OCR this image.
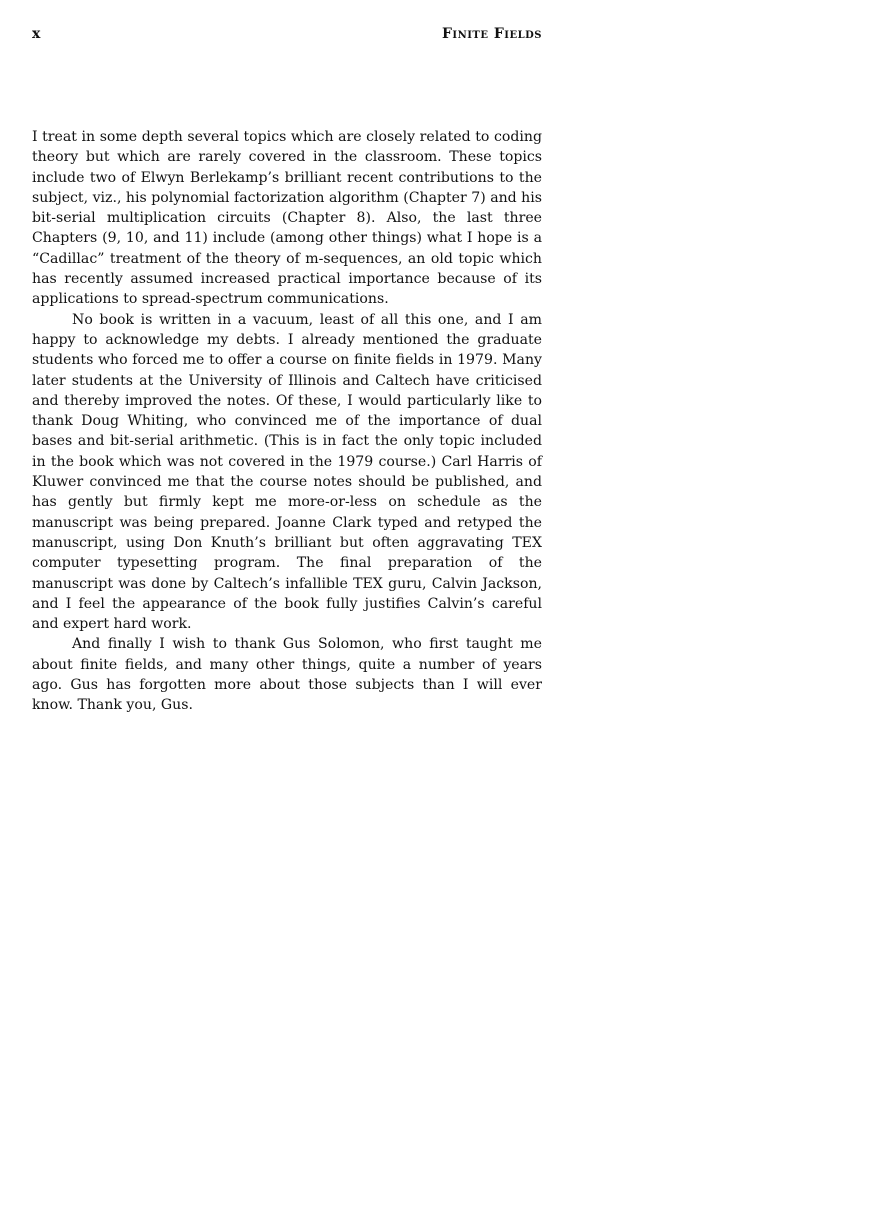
x	Finite Fields

I treat in some depth several topics which are closely related to coding theory but which are rarely covered in the classroom. These topics include two of Elwyn Berlekamp’s brilliant recent contributions to the subject, viz., his polynomial factorization algorithm (Chapter 7) and his bit-serial multiplication circuits (Chapter 8). Also, the last three Chapters (9, 10, and 11) include (among other things) what I hope is a “Cadillac” treatment of the theory of m-sequences, an old topic which has recently assumed increased practical importance because of its applications to spread-spectrum communications.

No book is written in a vacuum, least of all this one, and I am happy to acknowledge my debts. I already mentioned the graduate students who forced me to offer a course on finite fields in 1979. Many later students at the University of Illinois and Caltech have criticised and thereby improved the notes. Of these, I would particularly like to thank Doug Whiting, who convinced me of the importance of dual bases and bit-serial arithmetic. (This is in fact the only topic included in the book which was not covered in the 1979 course.) Carl Harris of Kluwer convinced me that the course notes should be published, and has gently but firmly kept me more-or-less on schedule as the manuscript was being prepared. Joanne Clark typed and retyped the manuscript, using Don Knuth’s brilliant but often aggravating TEX computer typesetting program. The final preparation of the manuscript was done by Caltech’s infallible TEX guru, Calvin Jackson, and I feel the appearance of the book fully justifies Calvin’s careful and expert hard work.

And finally I wish to thank Gus Solomon, who first taught me about finite fields, and many other things, quite a number of years ago. Gus has forgotten more about those subjects than I will ever know. Thank you, Gus.
